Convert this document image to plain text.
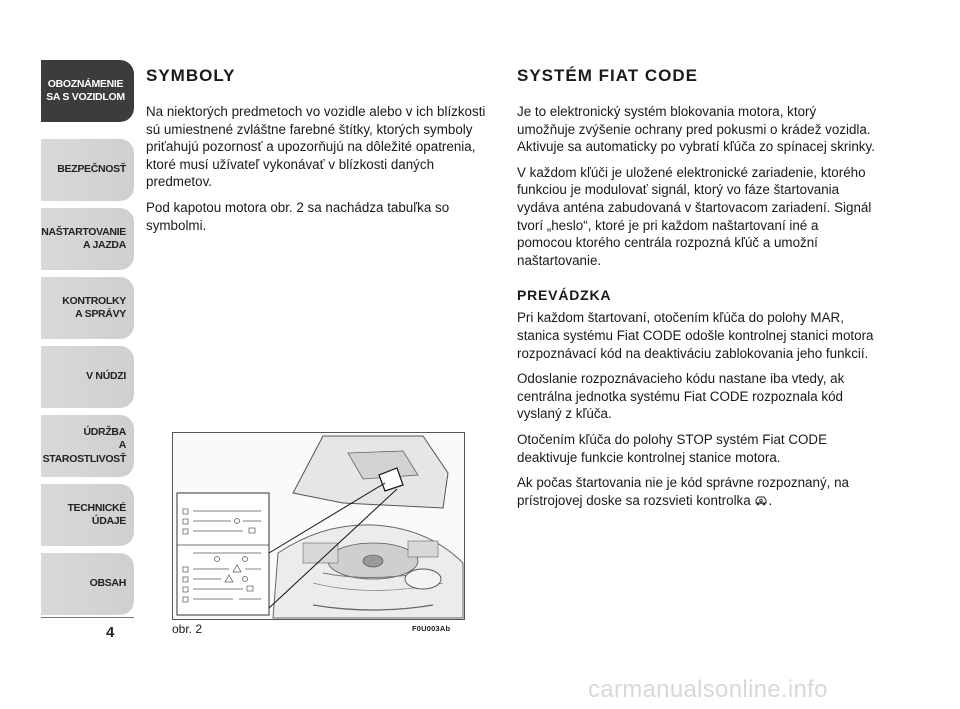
OBOZNÁMENIE
SA S VOZIDLOM
BEZPEČNOSŤ
NAŠTARTOVANIE
A JAZDA
KONTROLKY
A SPRÁVY
V NÚDZI
ÚDRŽBA
A STAROSTLIVOSŤ
TECHNICKÉ
ÚDAJE
OBSAH
4
SYMBOLY

Na niektorých predmetoch vo vozidle alebo v ich blízkosti sú umiestnené zvláštne farebné štítky, ktorých symboly priťahujú pozornosť a upozorňujú na dôležité opatrenia, ktoré musí užívateľ vykonávať v blízkosti daných predmetov.

Pod kapotou motora obr. 2 sa nachádza tabuľka so symbolmi.

obr. 2	F0U003Ab
SYSTÉM FIAT CODE

Je to elektronický systém blokovania motora, ktorý umožňuje zvýšenie ochrany pred pokusmi o krádež vozidla. Aktivuje sa automaticky po vybratí kľúča zo spínacej skrinky.

V každom kľúči je uložené elektronické zariadenie, ktorého funkciou je modulovať signál, ktorý vo fáze štartovania vydáva anténa zabudovaná v štartovacom zariadení. Signál tvorí „heslo“, ktoré je pri každom naštartovaní iné a pomocou ktorého centrála rozpozná kľúč a umožní naštartovanie.

PREVÁDZKA

Pri každom štartovaní, otočením kľúča do polohy MAR, stanica systému Fiat CODE odošle kontrolnej stanici motora rozpoznávací kód na deaktiváciu zablokovania jeho funkcií.

Odoslanie rozpoznávacieho kódu nastane iba vtedy, ak centrálna jednotka systému Fiat CODE rozpoznala kód vyslaný z kľúča.

Otočením kľúča do polohy STOP systém Fiat CODE deaktivuje funkcie kontrolnej stanice motora.

Ak počas štartovania nie je kód správne rozpoznaný, na prístrojovej doske sa rozsvieti kontrolka .

carmanualsonline.info
